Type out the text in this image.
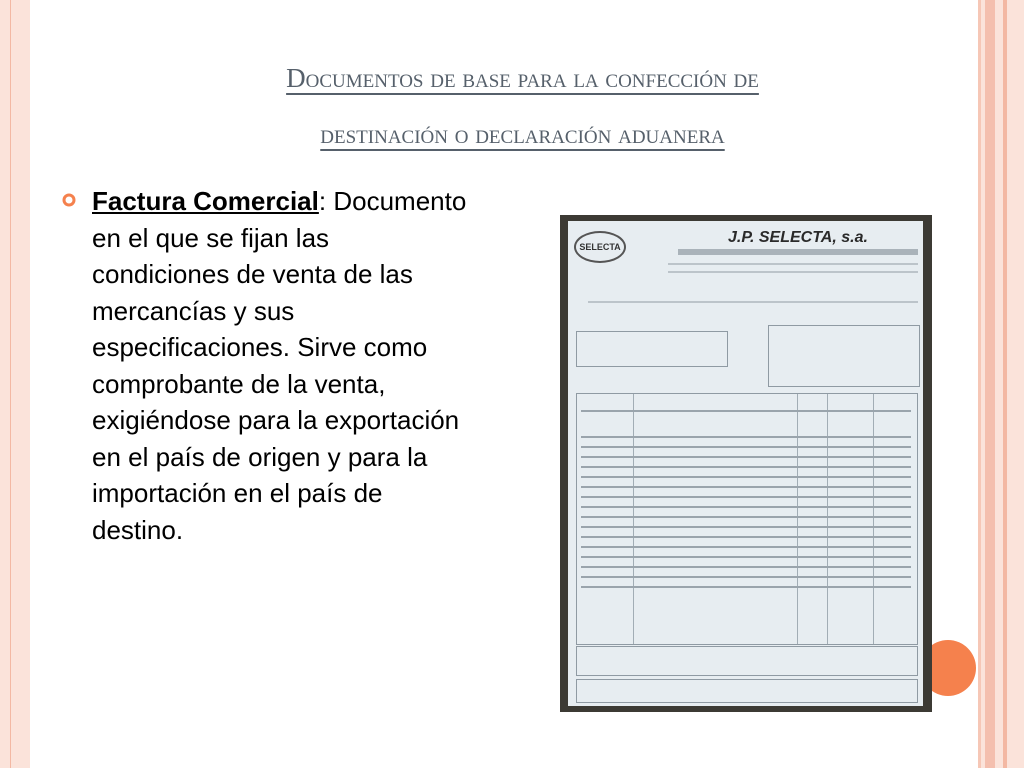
Documentos de base para la confección de
destinación o declaración aduanera
Factura Comercial: Documento en el que se fijan las condiciones de venta de las mercancías y sus especificaciones. Sirve como comprobante de la venta, exigiéndose para la exportación en el país de origen y para la importación en el país de destino.
SELECTA
J.P. SELECTA, s.a.
